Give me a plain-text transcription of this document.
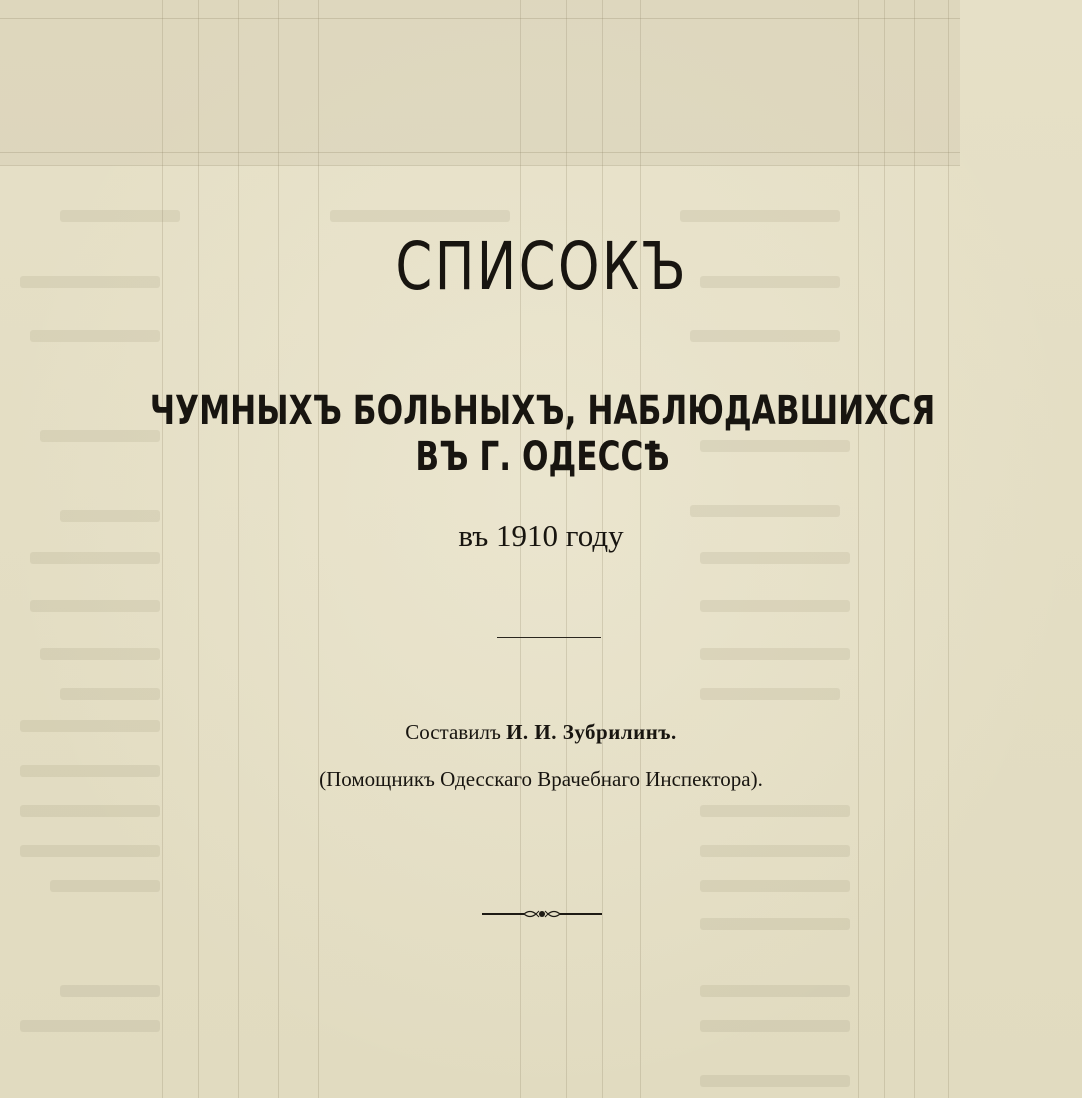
СПИСОКЪ
ЧУМНЫХЪ БОЛЬНЫХЪ, НАБЛЮДАВШИХСЯ ВЪ Г. ОДЕССѢ
въ 1910 году
Составилъ И. И. Зубрилинъ.
(Помощникъ Одесскаго Врачебнаго Инспектора).
